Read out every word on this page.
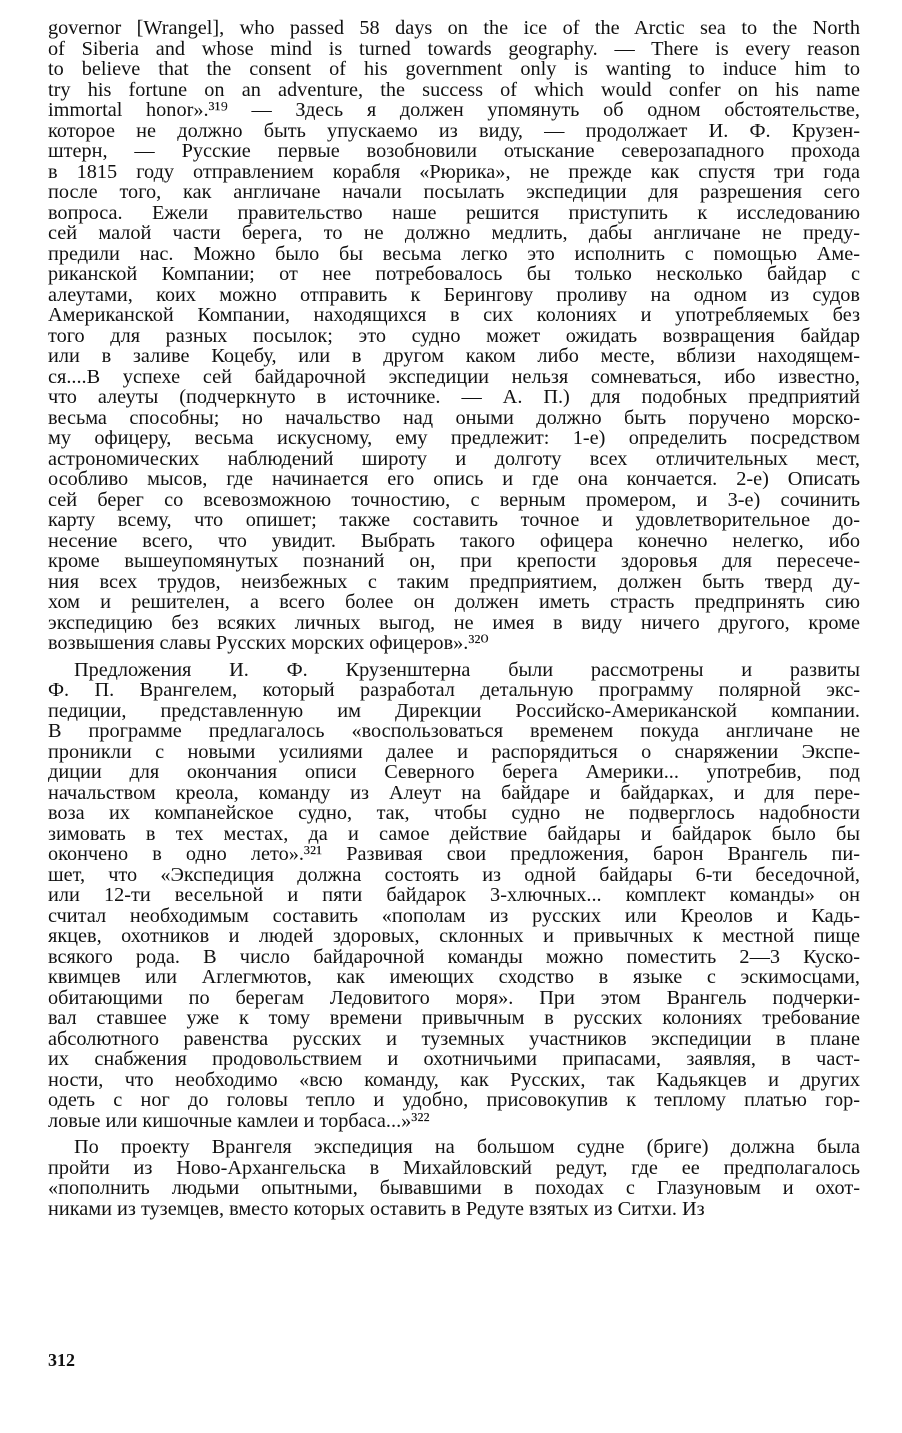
governor [Wrangel], who passed 58 days on the ice of the Arctic sea to the North
of Siberia and whose mind is turned towards geography. — There is every reason
to believe that the consent of his government only is wanting to induce him to
try his fortune on an adventure, the success of which would confer on his name
immortal honor».³¹⁹ — Здесь я должен упомянуть об одном обстоятельстве,
которое не должно быть упускаемо из виду, — продолжает И. Ф. Крузен-
штерн, — Русские первые возобновили отыскание северозападного прохода
в 1815 году отправлением корабля «Рюрика», не прежде как спустя три года
после того, как англичане начали посылать экспедиции для разрешения сего
вопроса. Ежели правительство наше решится приступить к исследованию
сей малой части берега, то не должно медлить, дабы англичане не преду-
предили нас. Можно было бы весьма легко это исполнить с помощью Аме-
риканской Компании; от нее потребовалось бы только несколько байдар с
алеутами, коих можно отправить к Берингову проливу на одном из судов
Американской Компании, находящихся в сих колониях и употребляемых без
того для разных посылок; это судно может ожидать возвращения байдар
или в заливе Коцебу, или в другом каком либо месте, вблизи находящем-
ся....В успехе сей байдарочной экспедиции нельзя сомневаться, ибо известно,
что алеуты (подчеркнуто в источнике. — А. П.) для подобных предприятий
весьма способны; но начальство над оными должно быть поручено морско-
му офицеру, весьма искусному, ему предлежит: 1-е) определить посредством
астрономических наблюдений широту и долготу всех отличительных мест,
особливо мысов, где начинается его опись и где она кончается. 2-е) Описать
сей берег со всевозможною точностию, с верным промером, и 3-е) сочинить
карту всему, что опишет; также составить точное и удовлетворительное до-
несение всего, что увидит. Выбрать такого офицера конечно нелегко, ибо
кроме вышеупомянутых познаний он, при крепости здоровья для пересече-
ния всех трудов, неизбежных с таким предприятием, должен быть тверд ду-
хом и решителен, а всего более он должен иметь страсть предпринять сию
экспедицию без всяких личных выгод, не имея в виду ничего другого, кроме
возвышения славы Русских морских офицеров».³²⁰
Предложения И. Ф. Крузенштерна были рассмотрены и развиты
Ф. П. Врангелем, который разработал детальную программу полярной экс-
педиции, представленную им Дирекции Российско-Американской компании.
В программе предлагалось «воспользоваться временем покуда англичане не
проникли с новыми усилиями далее и распорядиться о снаряжении Экспе-
диции для окончания описи Северного берега Америки... употребив, под
начальством креола, команду из Алеут на байдаре и байдарках, и для пере-
воза их компанейское судно, так, чтобы судно не подверглось надобности
зимовать в тех местах, да и самое действие байдары и байдарок было бы
окончено в одно лето».³²¹ Развивая свои предложения, барон Врангель пи-
шет, что «Экспедиция должна состоять из одной байдары 6-ти беседочной,
или 12-ти весельной и пяти байдарок 3-хлючных... комплект команды» он
считал необходимым составить «пополам из русских или Креолов и Кадь-
якцев, охотников и людей здоровых, склонных и привычных к местной пище
всякого рода. В число байдарочной команды можно поместить 2—3 Куско-
квимцев или Аглегмютов, как имеющих сходство в языке с эскимосцами,
обитающими по берегам Ледовитого моря». При этом Врангель подчерки-
вал ставшее уже к тому времени привычным в русских колониях требование
абсолютного равенства русских и туземных участников экспедиции в плане
их снабжения продовольствием и охотничьими припасами, заявляя, в част-
ности, что необходимо «всю команду, как Русских, так Кадьякцев и других
одеть с ног до головы тепло и удобно, присовокупив к теплому платью гор-
ловые или кишочные камлеи и торбаса...»³²²
По проекту Врангеля экспедиция на большом судне (бриге) должна была
пройти из Ново-Архангельска в Михайловский редут, где ее предполагалось
«пополнить людьми опытными, бывавшими в походах с Глазуновым и охот-
никами из туземцев, вместо которых оставить в Редуте взятых из Ситхи. Из
312
